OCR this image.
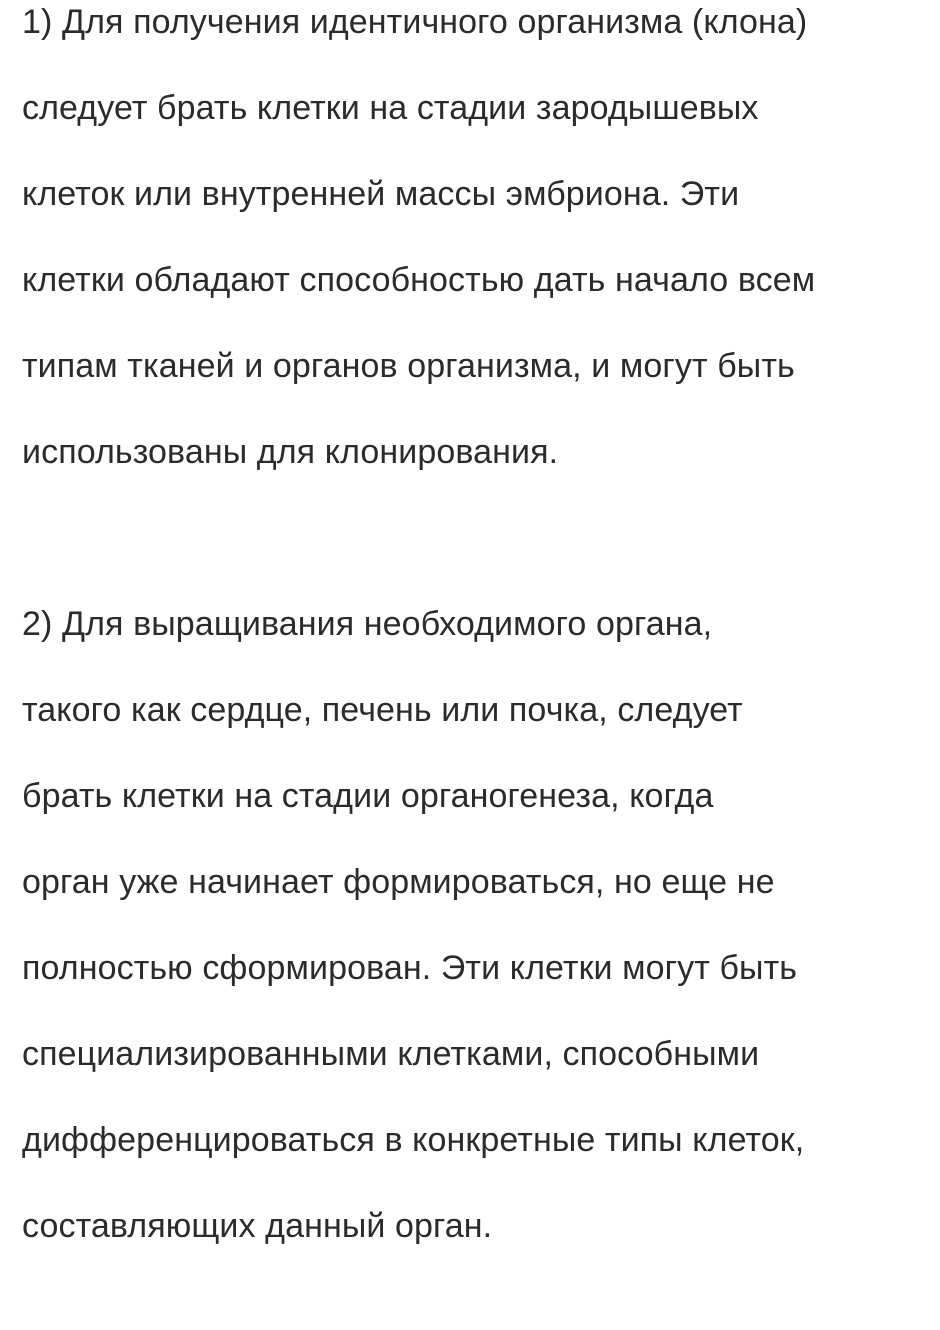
1) Для получения идентичного организма (клона)

следует брать клетки на стадии зародышевых

клеток или внутренней массы эмбриона. Эти

клетки обладают способностью дать начало всем

типам тканей и органов организма, и могут быть

использованы для клонирования.

2) Для выращивания необходимого органа,

такого как сердце, печень или почка, следует

брать клетки на стадии органогенеза, когда

орган уже начинает формироваться, но еще не

полностью сформирован. Эти клетки могут быть

специализированными клетками, способными

дифференцироваться в конкретные типы клеток,

составляющих данный орган.
